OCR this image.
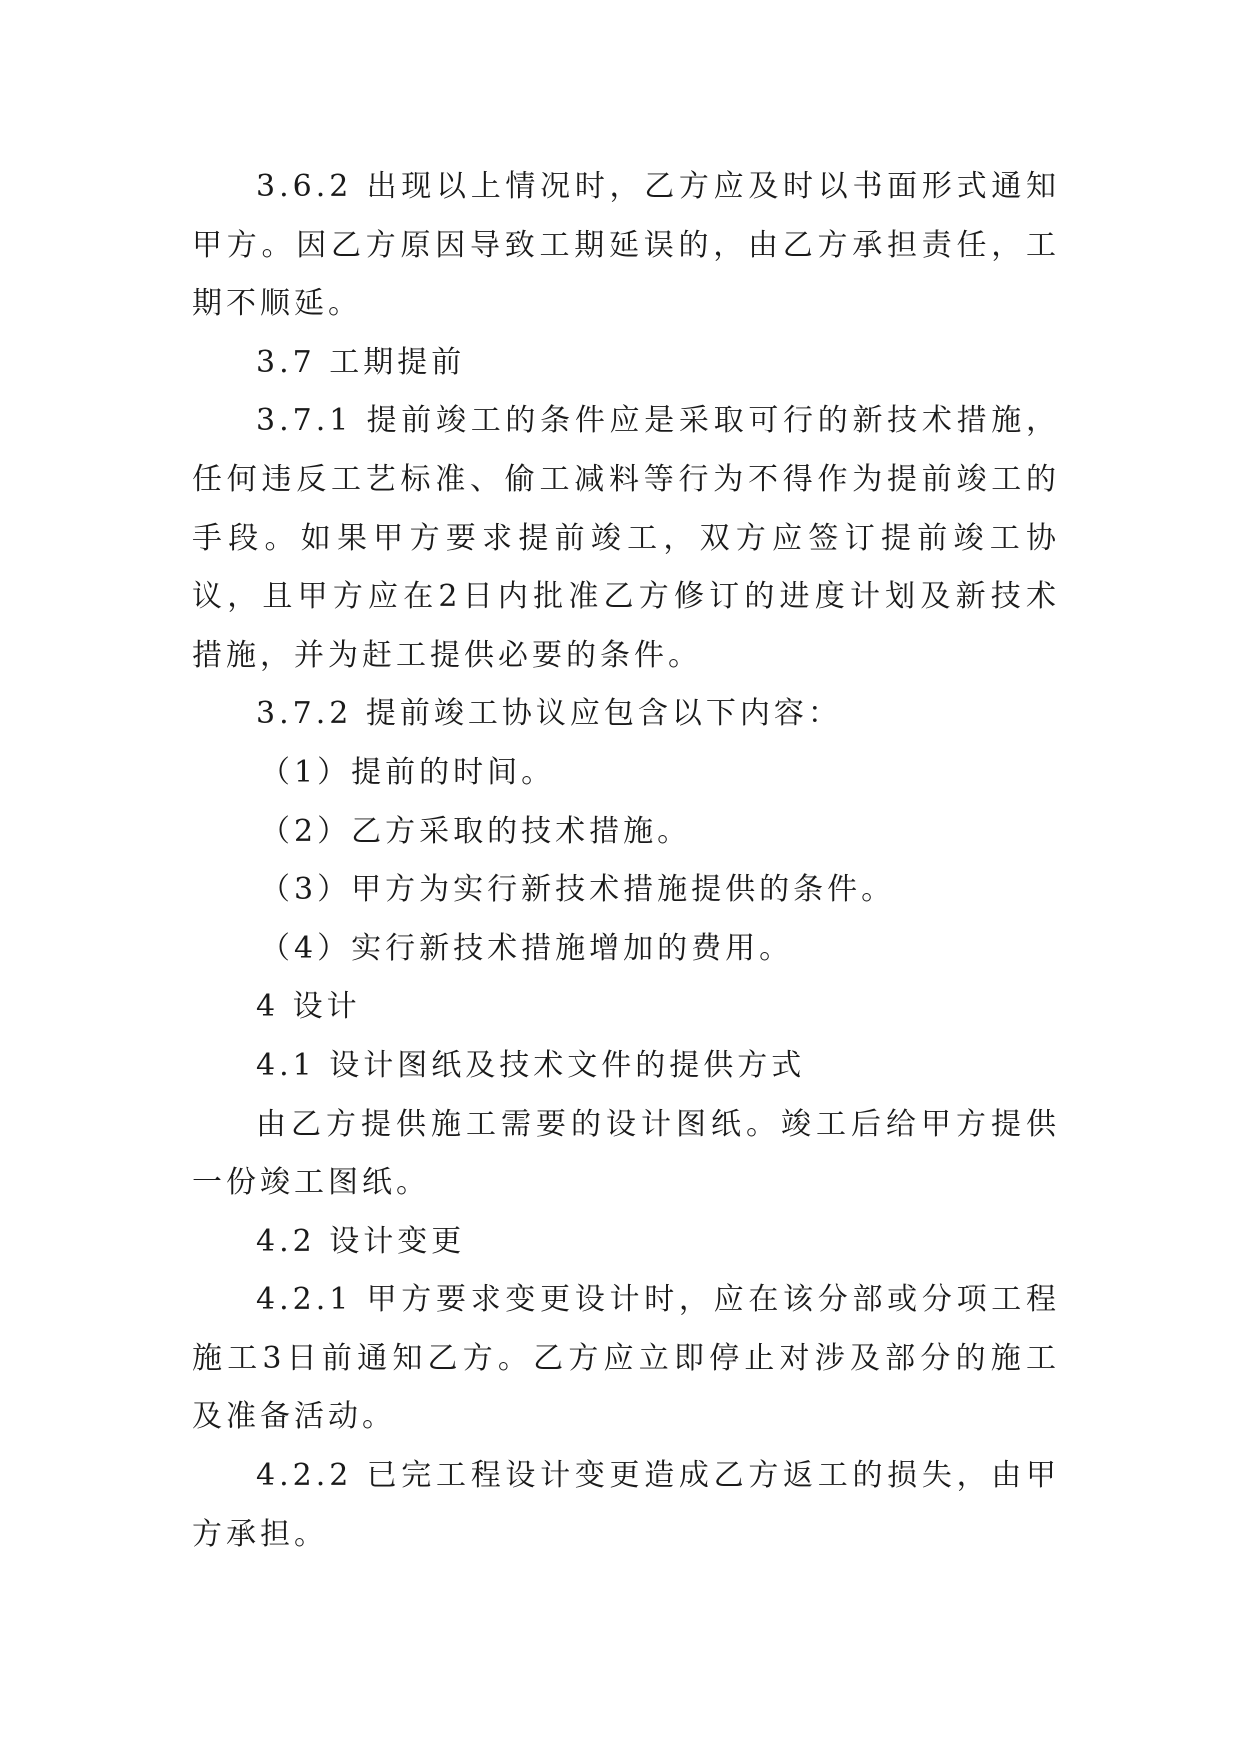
3.6.2 出现以上情况时，乙方应及时以书面形式通知甲方。因乙方原因导致工期延误的，由乙方承担责任，工期不顺延。

3.7 工期提前

3.7.1 提前竣工的条件应是采取可行的新技术措施，任何违反工艺标准、偷工减料等行为不得作为提前竣工的手段。如果甲方要求提前竣工，双方应签订提前竣工协议，且甲方应在2日内批准乙方修订的进度计划及新技术措施，并为赶工提供必要的条件。

3.7.2 提前竣工协议应包含以下内容：

（1）提前的时间。

（2）乙方采取的技术措施。

（3）甲方为实行新技术措施提供的条件。

（4）实行新技术措施增加的费用。

4 设计

4.1 设计图纸及技术文件的提供方式

由乙方提供施工需要的设计图纸。竣工后给甲方提供一份竣工图纸。

4.2 设计变更

4.2.1 甲方要求变更设计时，应在该分部或分项工程施工3日前通知乙方。乙方应立即停止对涉及部分的施工及准备活动。

4.2.2 已完工程设计变更造成乙方返工的损失，由甲方承担。
